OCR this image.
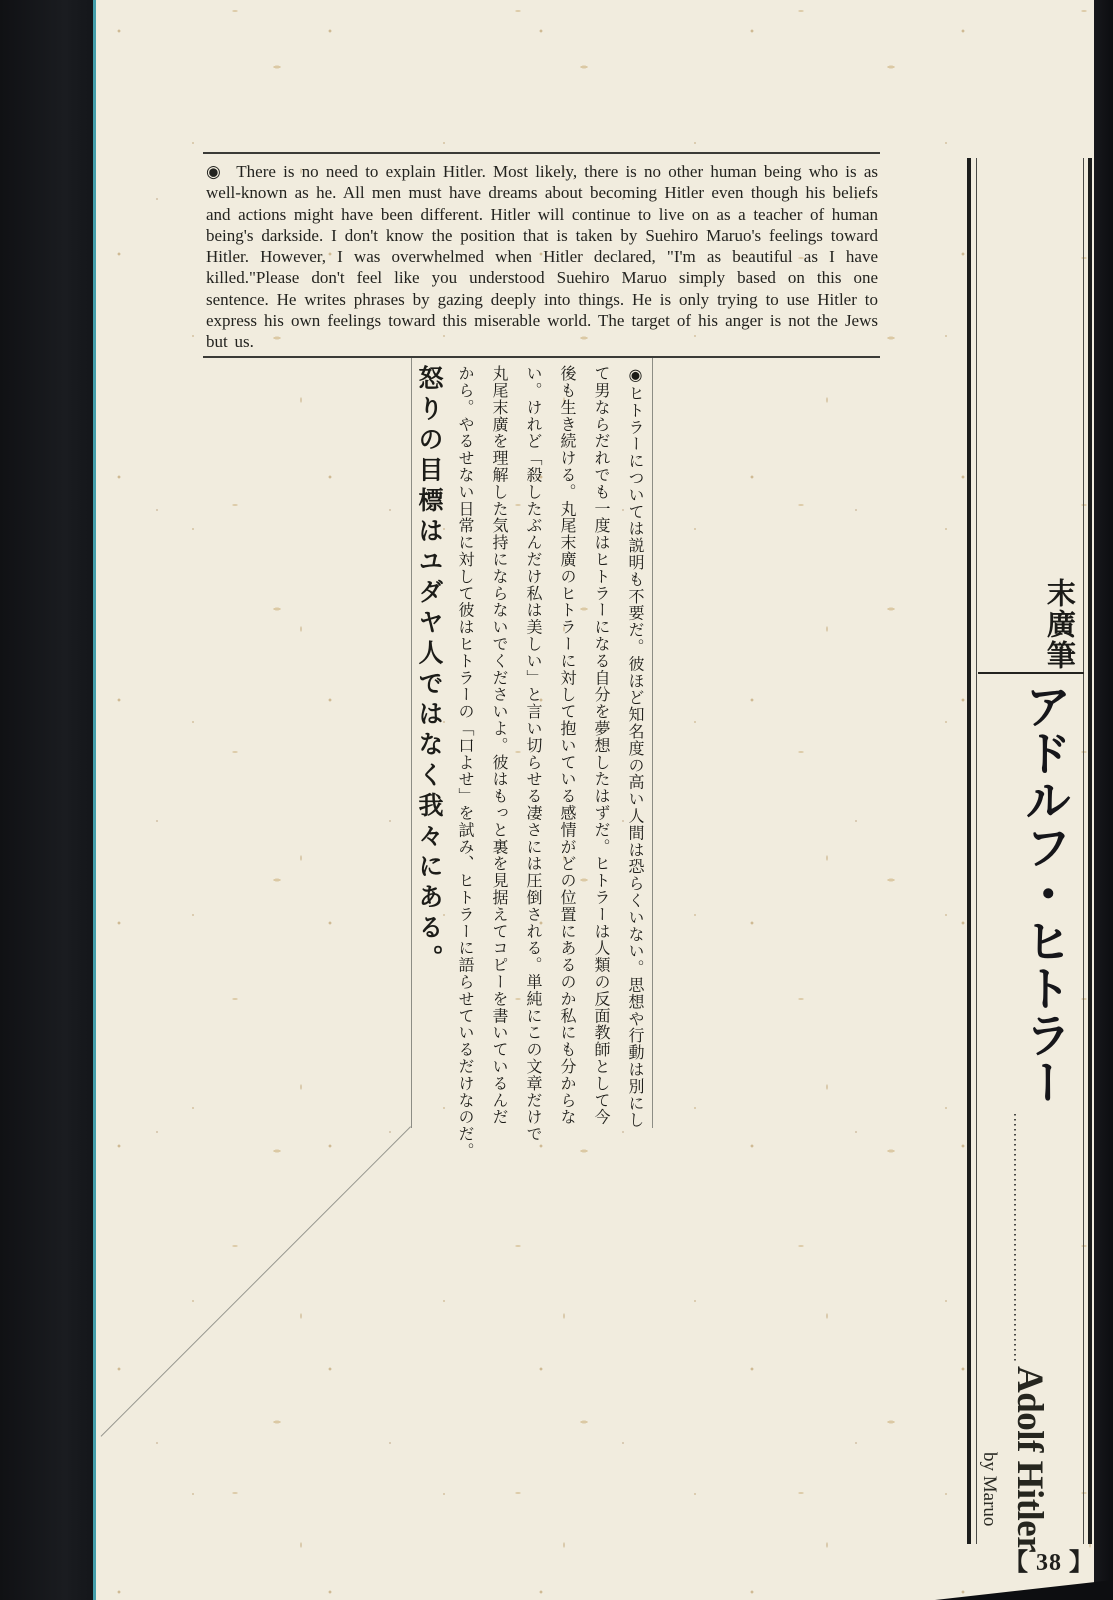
◉ There is no need to explain Hitler. Most likely, there is no other human being who is as well-known as he. All men must have dreams about becoming Hitler even though his beliefs and actions might have been different. Hitler will continue to live on as a teacher of human being's darkside. I don't know the position that is taken by Suehiro Maruo's feelings toward Hitler. However, I was overwhelmed when Hitler declared, "I'm as beautiful as I have killed."Please don't feel like you understood Suehiro Maruo simply based on this one sentence. He writes phrases by gazing deeply into things. He is only trying to use Hitler to express his own feelings toward this miserable world. The target of his anger is not the Jews but us.

◉ヒトラーについては説明も不要だ。彼ほど知名度の高い人間は恐らくいない。思想や行動は別にし
て男ならだれでも一度はヒトラーになる自分を夢想したはずだ。ヒトラーは人類の反面教師として今
後も生き続ける。丸尾末廣のヒトラーに対して抱いている感情がどの位置にあるのか私にも分からな
い。けれど「殺したぶんだけ私は美しい」と言い切らせる凄さには圧倒される。単純にこの文章だけで
丸尾末廣を理解した気持にならないでくださいよ。彼はもっと裏を見据えてコピーを書いているんだ
から。やるせない日常に対して彼はヒトラーの「口よせ」を試み、ヒトラーに語らせているだけなのだ。
怒りの目標はユダヤ人ではなく我々にある。	末廣筆
アドルフ・ヒトラー
Adolf Hitler
by Maruo
【 38 】
